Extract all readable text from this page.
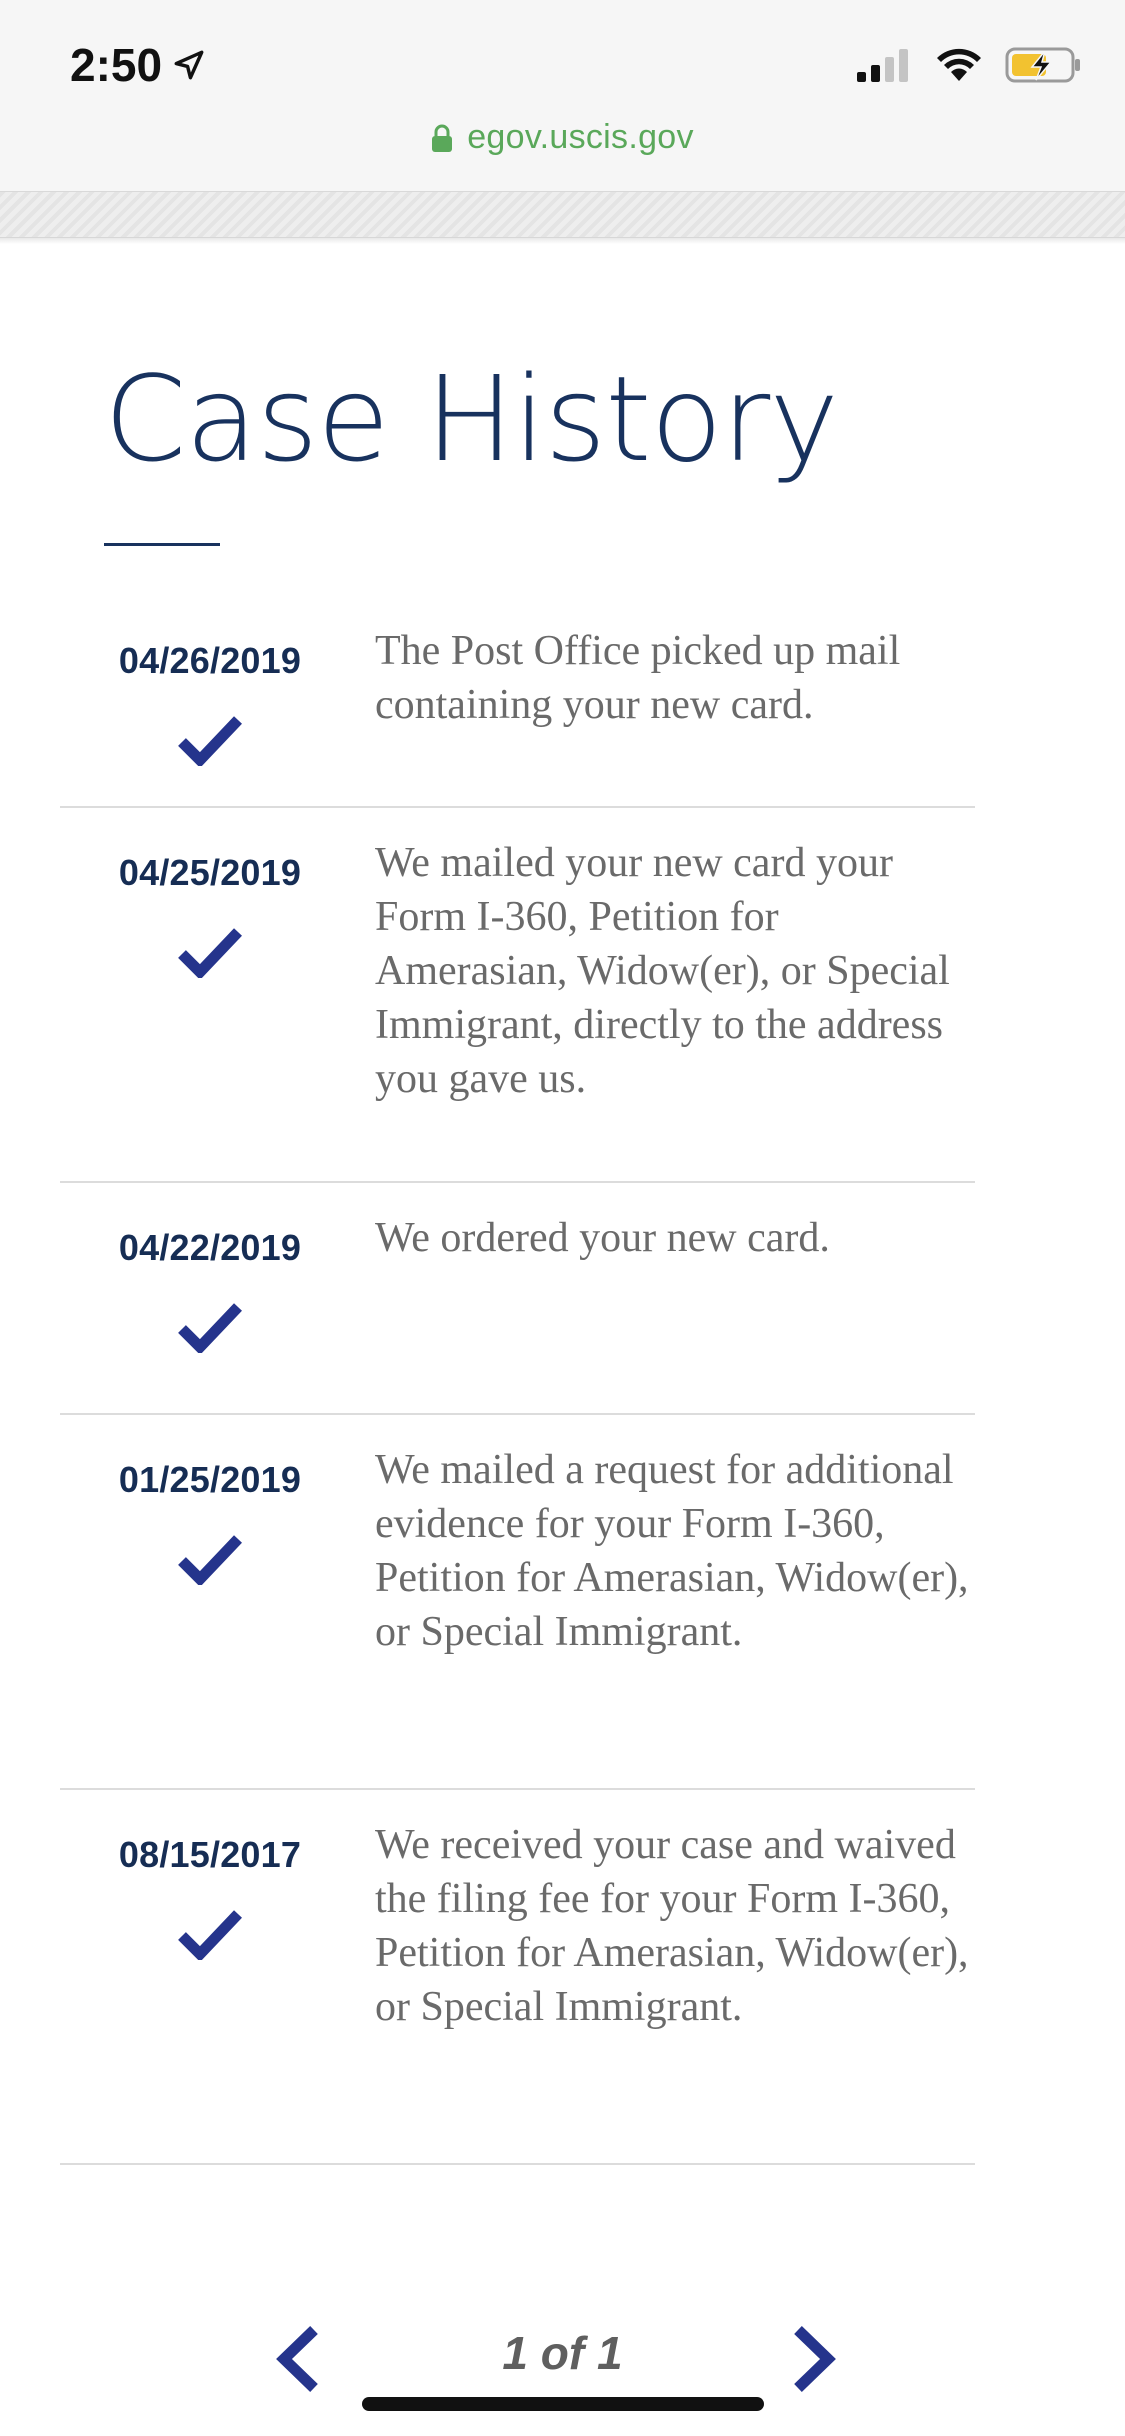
2:50
egov.uscis.gov
Case History
04/26/2019	The Post Office picked up mail containing your new card.
04/25/2019	We mailed your new card your Form I-360, Petition for Amerasian, Widow(er), or Special Immigrant, directly to the address you gave us.
04/22/2019	We ordered your new card.
01/25/2019	We mailed a request for additional evidence for your Form I-360, Petition for Amerasian, Widow(er), or Special Immigrant.
08/15/2017	We received your case and waived the filing fee for your Form I-360, Petition for Amerasian, Widow(er), or Special Immigrant.
1 of 1
